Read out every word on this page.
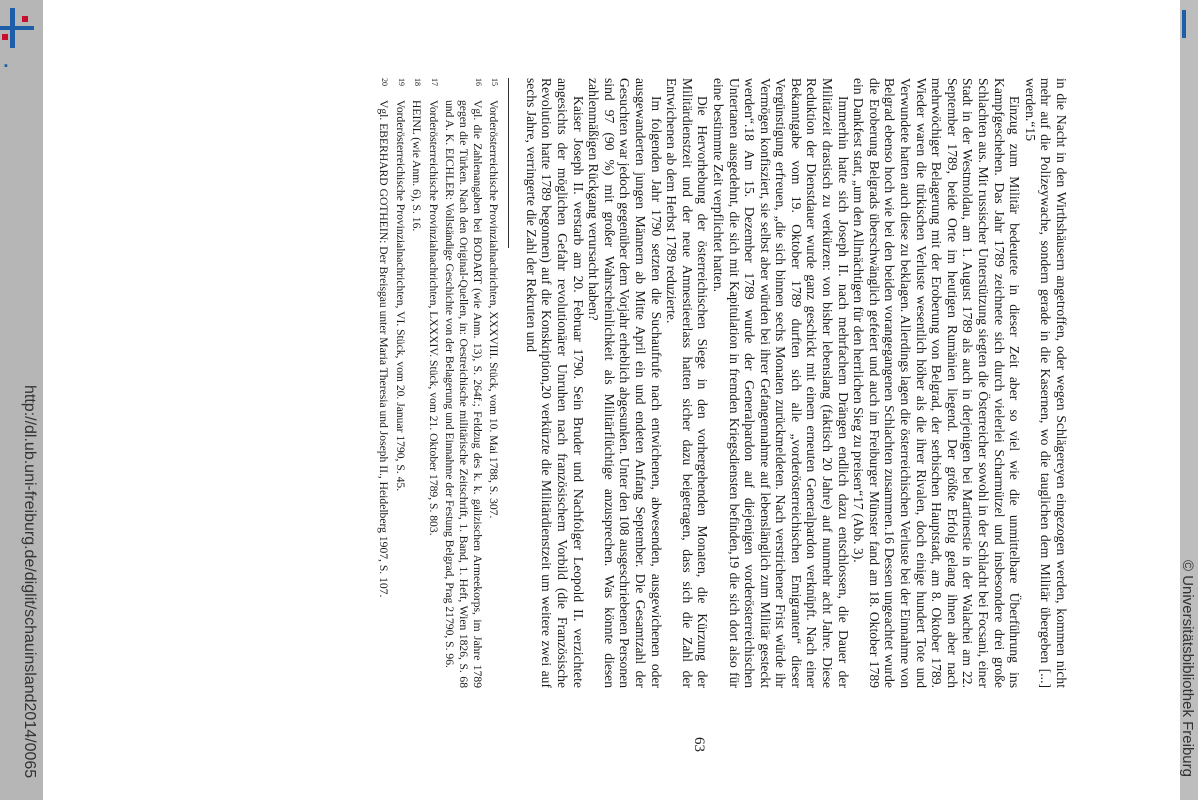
▪
http://dl.ub.uni-freiburg.de/diglit/schauinsland2014/0065	© Universitätsbibliothek Freiburg
63

in die Nacht in den Wirthshäusern angetroffen, oder wegen Schlägereyen eingezogen werden, kommen nicht mehr auf die Polizeywache, sondern gerade in die Kasernen, wo die tauglichen dem Militär übergeben [...] werden.“15

Einzug zum Militär bedeutete in dieser Zeit aber so viel wie die unmittelbare Überführung ins Kampfgeschehen. Das Jahr 1789 zeichnete sich durch vielerlei Scharmützel und insbesondere drei große Schlachten aus. Mit russischer Unterstützung siegten die Österreicher sowohl in der Schlacht bei Focsani, einer Stadt in der Westmoldau, am 1. August 1789 als auch in derjenigen bei Martinestie in der Walachei am 22. September 1789, beide Orte im heutigen Rumänien liegend. Der größte Erfolg gelang ihnen aber nach mehrwöchiger Belagerung mit der Eroberung von Belgrad, der serbischen Hauptstadt, am 8. Oktober 1789. Wieder waren die türkischen Verluste wesentlich höher als die ihrer Rivalen, doch einige hundert Tote und Verwundete hatten auch diese zu beklagen. Allerdings lagen die österreichischen Verluste bei der Einnahme von Belgrad ebenso hoch wie bei den beiden vorangegangenen Schlachten zusammen.16 Dessen ungeachtet wurde die Eroberung Belgrads überschwänglich gefeiert und auch im Freiburger Münster fand am 18. Oktober 1789 ein Dankfest statt, „um den Allmächtigen für den herrlichen Sieg zu preisen“17 (Abb. 3).

Immerhin hatte sich Joseph II. nach mehrfachem Drängen endlich dazu entschlossen, die Dauer der Militärzeit drastisch zu verkürzen: von bisher lebenslang (faktisch 20 Jahre) auf nunmehr acht Jahre. Diese Reduktion der Dienstdauer wurde ganz geschickt mit einem erneuten Generalpardon verknüpft. Nach einer Bekanntgabe vom 19. Oktober 1789 durften sich alle „vorderösterreichischen Emigranten“ dieser Vergünstigung erfreuen, „die sich binnen sechs Monaten zurückmeldeten. Nach verstrichener Frist würde ihr Vermögen konfisziert, sie selbst aber würden bei ihrer Gefangennahme auf lebenslänglich zum Militär gesteckt werden“.18 Am 15. Dezember 1789 wurde der Generalpardon auf diejenigen vorderösterreichischen Untertanen ausgedehnt, die sich mit Kapitulation in fremden Kriegsdiensten befinden,19 die sich dort also für eine bestimmte Zeit verpflichtet hatten.

Die Hervorhebung der österreichischen Siege in den vorhergehenden Monaten, die Kürzung der Militärdienstzeit und der neue Amnestieerlass hatten sicher dazu beigetragen, dass sich die Zahl der Entwichenen ab dem Herbst 1789 reduzierte.

Im folgenden Jahr 1790 setzten die Suchaufrufe nach entwichenen, abwesenden, ausgewichenen oder ausgewanderten jungen Männern ab Mitte April ein und endeten Anfang September. Die Gesamtzahl der Gesuchten war jedoch gegenüber dem Vorjahr erheblich abgesunken. Unter den 108 ausgeschriebenen Personen sind 97 (90 %) mit großer Wahrscheinlichkeit als Militärflüchtige anzusprechen. Was könnte diesen zahlenmäßigen Rückgang verursacht haben?

Kaiser Joseph II. verstarb am 20. Februar 1790. Sein Bruder und Nachfolger Leopold II. verzichtete angesichts der möglichen Gefahr revolutionärer Unruhen nach französischem Vorbild (die Französische Revolution hatte 1789 begonnen) auf die Konskription,20 verkürzte die Militärdienstzeit um weitere zwei auf sechs Jahre, verringerte die Zahl der Rekruten und

15
Vorderösterreichische Provinzialnachrichten, XXXVIII. Stück, vom 10. Mai 1788, S. 307.
16
Vgl. die Zahlenangaben bei BODART (wie Anm. 13), S. 264f.; Feldzug des k. k. galizischen Armeekorps, im Jahre 1789 gegen die Türken. Nach den Original-Quellen, in: Oestreichische militärische Zeitschrift, 1. Band, 1. Heft, Wien 1826, S. 68 und A. K. EICHLER: Vollständige Geschichte von der Belagerung und Einnahme der Festung Belgrad, Prag 21790, S. 96.
17
Vorderösterreichische Provinzialnachrichten, LXXXIV. Stück, vom 21. Oktober 1789, S. 803.
18
HEINL (wie Anm. 6), S. 16.
19
Vorderösterreichische Provinzialnachrichten, VI. Stück, vom 20. Januar 1790, S. 45.
20
Vgl. EBERHARD GOTHEIN: Der Breisgau unter Maria Theresia und Joseph II., Heidelberg 1907, S. 107.
